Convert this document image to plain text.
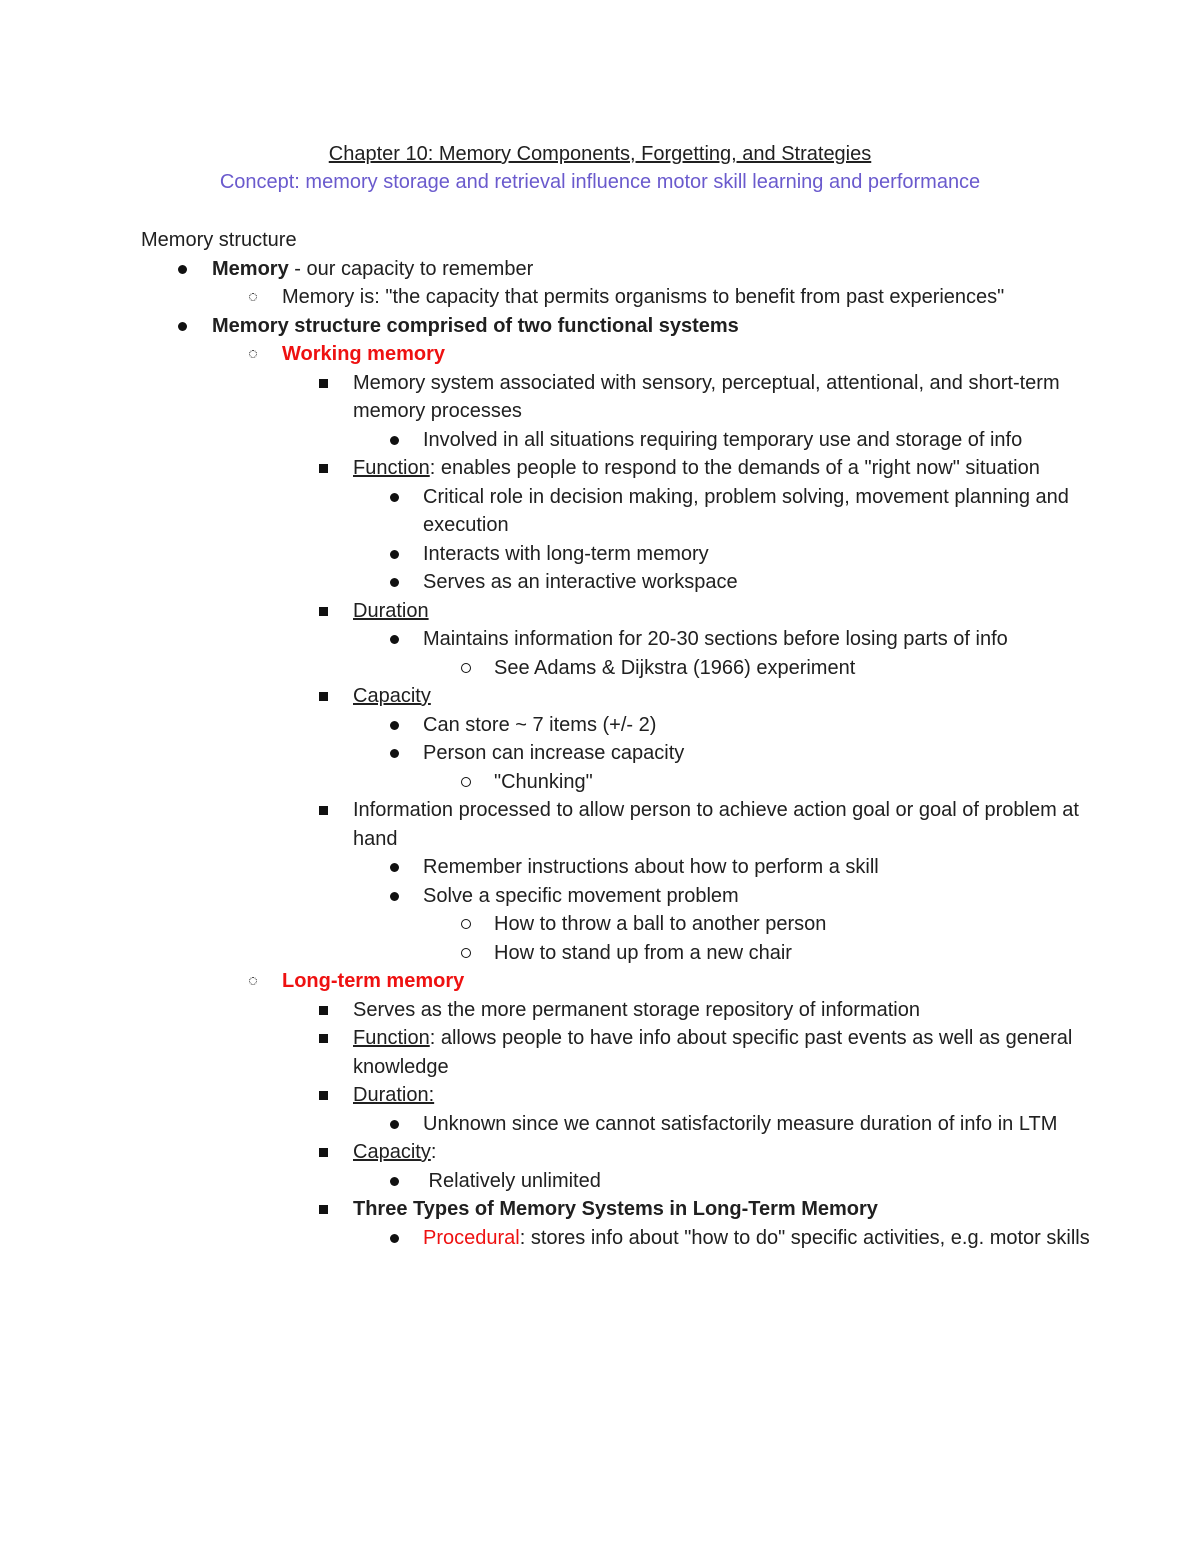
Chapter 10: Memory Components, Forgetting, and Strategies
Concept: memory storage and retrieval influence motor skill learning and performance
Memory structure
Memory - our capacity to remember
Memory is: "the capacity that permits organisms to benefit from past experiences"
Memory structure comprised of two functional systems
Working memory
Memory system associated with sensory, perceptual, attentional, and short-term memory processes
Involved in all situations requiring temporary use and storage of info
Function: enables people to respond to the demands of a "right now" situation
Critical role in decision making, problem solving, movement planning and execution
Interacts with long-term memory
Serves as an interactive workspace
Duration
Maintains information for 20-30 sections before losing parts of info
See Adams & Dijkstra (1966) experiment
Capacity
Can store ~ 7 items (+/- 2)
Person can increase capacity
"Chunking"
Information processed to allow person to achieve action goal or goal of problem at hand
Remember instructions about how to perform a skill
Solve a specific movement problem
How to throw a ball to another person
How to stand up from a new chair
Long-term memory
Serves as the more permanent storage repository of information
Function: allows people to have info about specific past events as well as general knowledge
Duration:
Unknown since we cannot satisfactorily measure duration of info in LTM
Capacity:
Relatively unlimited
Three Types of Memory Systems in Long-Term Memory
Procedural: stores info about "how to do" specific activities, e.g. motor skills
